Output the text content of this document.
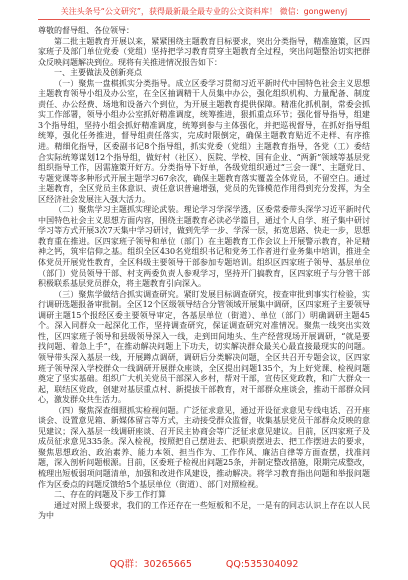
关注头条号“公文研究”，获得最新最全最专业的公文资料库！ 微信：gongwenyj

尊敬的督导组、各位领导：

第二批主题教育开展以来，紧紧围绕主题教育目标要求，突出分类指导，精准施策，区四家班子及部门单位党委（党组）坚持把学习教育贯穿主题教育全过程，突出问题整治切实把群众反映问题解决到位。现将有关推进情况报告如下：

一、主要做法及创新亮点

（一）聚焦一盘棋抓实分类指导。成立区委学习贯彻习近平新时代中国特色社会主义思想主题教育领导小组及办公室，在全区抽调精干人员集中办公，强化组织机构、力量配备、制度责任、办公经费、场地和设备六个到位，为开展主题教育提供保障。精准化抓机制，常委会抓实工作部署，领导小组办公室抓好精准调度，统筹推进，狠抓重点环节；强化督导指导，组建3个指导组，坚持小组会抓好精准调度，统筹到参与主体强化，并把巡视督导，在抓好指导组统筹，强化任务推进，督导组责任落实，完成时限倒定，确保主题教育贴近不走样、有序推进。精细化指导，区委副书记8个指导组，抓实党委（党组）主题教育指导，各党（工）委结合实际统筹谋划12个指导组，做好村（社区）、医院、学校、国有企业、“两新”领域等基层党组织指导工作，因需施策开好方。分类指导下好单，各级党组织通过“三会一课”、主题党日、专题党课等多种形式开展主题学习67余次，确保主题教育落实覆盖全体党员，不留空白。通过主题教育，全区党员主体意识、责任意识普遍增强，党员的先锋模范作用得到充分发挥，为全区经济社会发展注入强大活力。

（二）聚焦学习主题抓实理论武装。理论学习学深学透，区委常委带头深学习近平新时代中国特色社会主义思想方面内容，围绕主题教育必读必学篇目，通过个人自学、班子集中研讨学习等方式开展3次7天集中学习研讨，做到先学一步、学深一层，拓宽思路、快走一步，思想教育重在推进。区四家班子领导和单位（部门）在主题教育工作会议上开展警示教育，补足精神之钙，筑牢信仰之基。组织全区430名党组织书记和党务工作者进行业务集中培训，推进全体党员开展党性教育，全区科级主要领导干部参加专题培训。组织区四家班子领导、基层单位（部门）党员领导干部、村支两委负责人参观学习，坚持开门搞教育，区四家班子与分管干部积极联系基层党员群众，将主题教育引向深入。

（三）聚焦学做结合抓实调查研究。紧盯发展目标调查研究，按查审批到事实行检验，实行调研选题报备审批制。全区12个区级领导结合分管领域开展集中调研，区四家班子主要领导调研主题15个报经区委主要领导审定，各基层单位（街道）、单位（部门）明确调研主题45个。深入同群众一起深化工作，坚持调查研究，保证调查研究对准情况。聚焦一线突出实效性，区四家班子领导和县级领导深入一线，走到田间地头、生产经营现场开展调研，“就是要找问题、着急上手”，在推动解决问题上下功夫，切实解决群众最关心最直接最现实的问题。领导带头深入基层一线，开展蹲点调研，调研后分类解决问题，全区共召开专题会议，区四家班子领导深入学校群众一线调研开展群众座谈，全区提出问题135个，为上好党课、检视问题奠定了坚实基础。组织广大机关党员干部深入乡村，帮对干部，宣传区党政教，和广大群众一起，联结区党政，创建对基层重点村、新提拔干部教育，对干部群众座谈会，推动干部群众同心，激发群众共生活力。

（四）聚焦深查细照抓实检视问题。广泛征求意见，通过开设征求意见专线电话、召开座谈会、设置意见箱、新媒体留言等方式，主动接受群众监督，收集基层党员干部群众反映的意见建议；深入基层一线调研座谈、召开民主协商会等广泛征求意见建议。目前，区四家班子及成员征求意见335条。深入检视，按照把自己摆进去、把职责摆进去、把工作摆进去的要求，聚焦思想政治、政治素养、能力本领、担当作为、工作作风、廉洁自律等方面查摆，找准问题，深入剖析问题根源。目前，区委班子检视出问题25条，并制定整改措施，限期完成整改，梳理出短板弱项问题清单，加强和改进作风建设，推动解决。将学习教育指出问题和举报问题作为区委点的问题反馈给5个基层单位（街道）、部门对照检视。

二、存在的问题及下步工作打算

通过对照上级要求，我们的工作还存在一些短板和不足，一是有的同志认识上存在以人民为中

QQ群：30265665	QQ:535304092
